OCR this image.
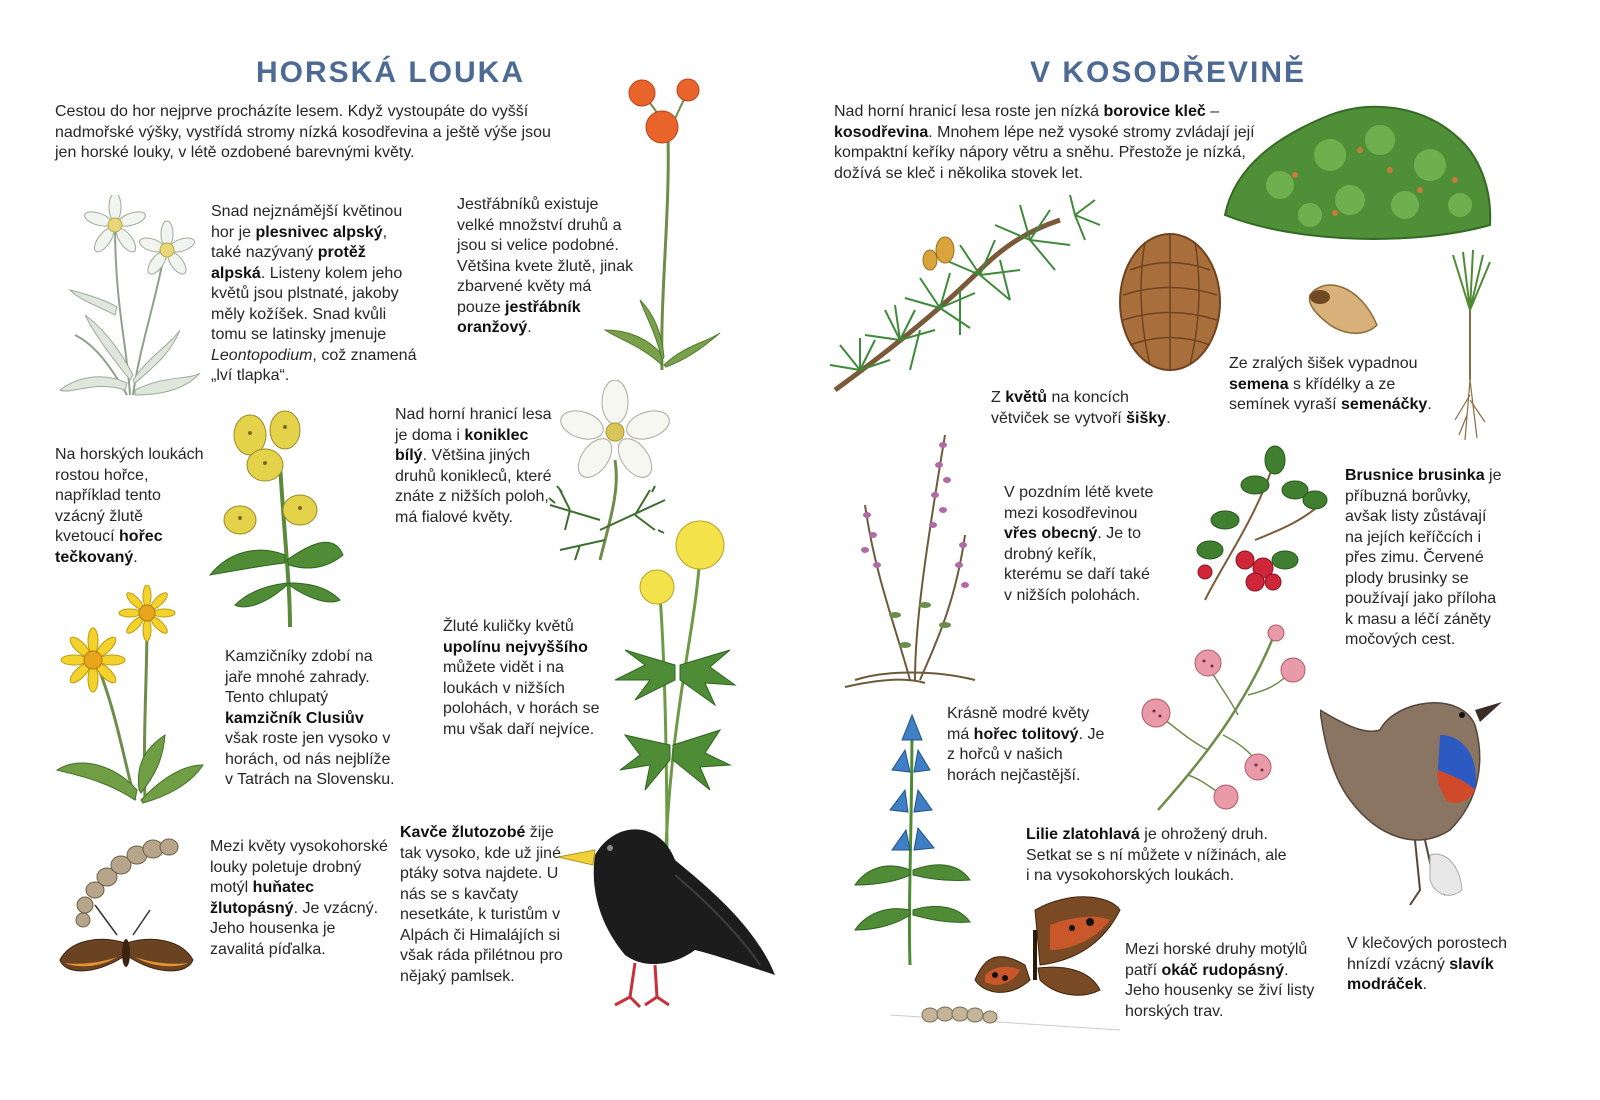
HORSKÁ LOUKA
Cestou do hor nejprve procházíte lesem. Když vystoupáte do vyšší nadmořské výšky, vystřídá stromy nízká kosodřevina a ještě výše jsou jen horské louky, v létě ozdobené barevnými květy.
Snad nejznámější květinou hor je plesnivec alpský, také nazývaný protěž alpská. Listeny kolem jeho květů jsou plstnaté, jakoby měly kožíšek. Snad kvůli tomu se latinsky jmenuje Leontopodium, což znamená „lví tlapka“.
Jestřábníků existuje velké množství druhů a jsou si velice podobné. Většina kvete žlutě, jinak zbarvené květy má pouze jestřábník oranžový.
Na horských loukách rostou hořce, například tento vzácný žlutě kvetoucí hořec tečkovaný.
Nad horní hranicí lesa je doma i koniklec bílý. Většina jiných druhů konikleců, které znáte z nižších poloh, má fialové květy.
Kamzičníky zdobí na jaře mnohé zahrady. Tento chlupatý kamzičník Clusiův však roste jen vysoko v horách, od nás nejblíže v Tatrách na Slovensku.
Žluté kuličky květů upolínu nejvyššího můžete vidět i na loukách v nižších polohách, v horách se mu však daří nejvíce.
Mezi květy vysokohorské louky poletuje drobný motýl huňatec žlutopásný. Je vzácný. Jeho housenka je zavalitá píďalka.
Kavče žlutozobé žije tak vysoko, kde už jiné ptáky sotva najdete. U nás se s kavčaty nesetkáte, k turistům v Alpách či Himalájích si však ráda přilétnou pro nějaký pamlsek.
V KOSODŘEVINĚ
Nad horní hranicí lesa roste jen nízká borovice kleč – kosodřevina. Mnohem lépe než vysoké stromy zvládají její kompaktní keříky nápory větru a sněhu. Přestože je nízká, dožívá se kleč i několika stovek let.
Z květů na koncích větviček se vytvoří šišky.
Ze zralých šišek vypadnou semena s křídélky a ze semínek vyraší semenáčky.
V pozdním létě kvete mezi kosodřevinou vřes obecný. Je to drobný keřík, kterému se daří také v nižších polohách.
Brusnice brusinka je příbuzná borůvky, avšak listy zůstávají na jejích keříčcích i přes zimu. Červené plody brusinky se používají jako příloha k masu a léčí záněty močových cest.
Krásně modré květy má hořec tolitový. Je z hořců v našich horách nejčastější.
Lilie zlatohlavá je ohrožený druh. Setkat se s ní můžete v nížinách, ale i na vysokohorských loukách.
Mezi horské druhy motýlů patří okáč rudopásný. Jeho housenky se živí listy horských trav.
V klečových porostech hnízdí vzácný slavík modráček.
